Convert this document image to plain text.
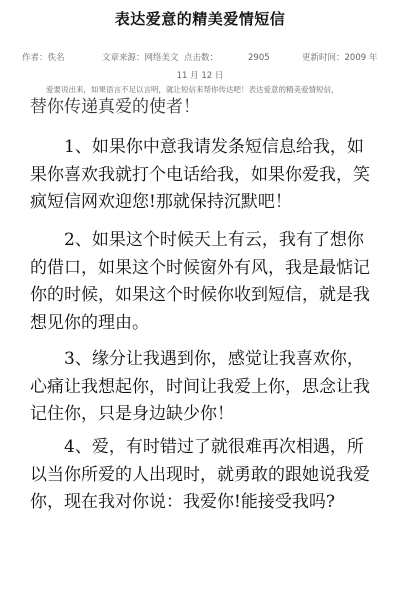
表达爱意的精美爱情短信
作者：佚名	文章来源：网络美文 点击数：	2905	更新时间：2009 年
11 月 12 日
爱要说出来，如果语言不足以言明，就让短信来帮你传达吧！表达爱意的精美爱情短信，
替你传递真爱的使者！

1、如果你中意我请发条短信息给我，如果你喜欢我就打个电话给我，如果你爱我，笑疯短信网欢迎您!那就保持沉默吧！

2、如果这个时候天上有云，我有了想你的借口，如果这个时候窗外有风，我是最惦记你的时候，如果这个时候你收到短信，就是我想见你的理由。

3、缘分让我遇到你，感觉让我喜欢你，心痛让我想起你，时间让我爱上你，思念让我记住你，只是身边缺少你！

4、爱，有时错过了就很难再次相遇，所以当你所爱的人出现时，就勇敢的跟她说我爱你，现在我对你说：我爱你!能接受我吗?
